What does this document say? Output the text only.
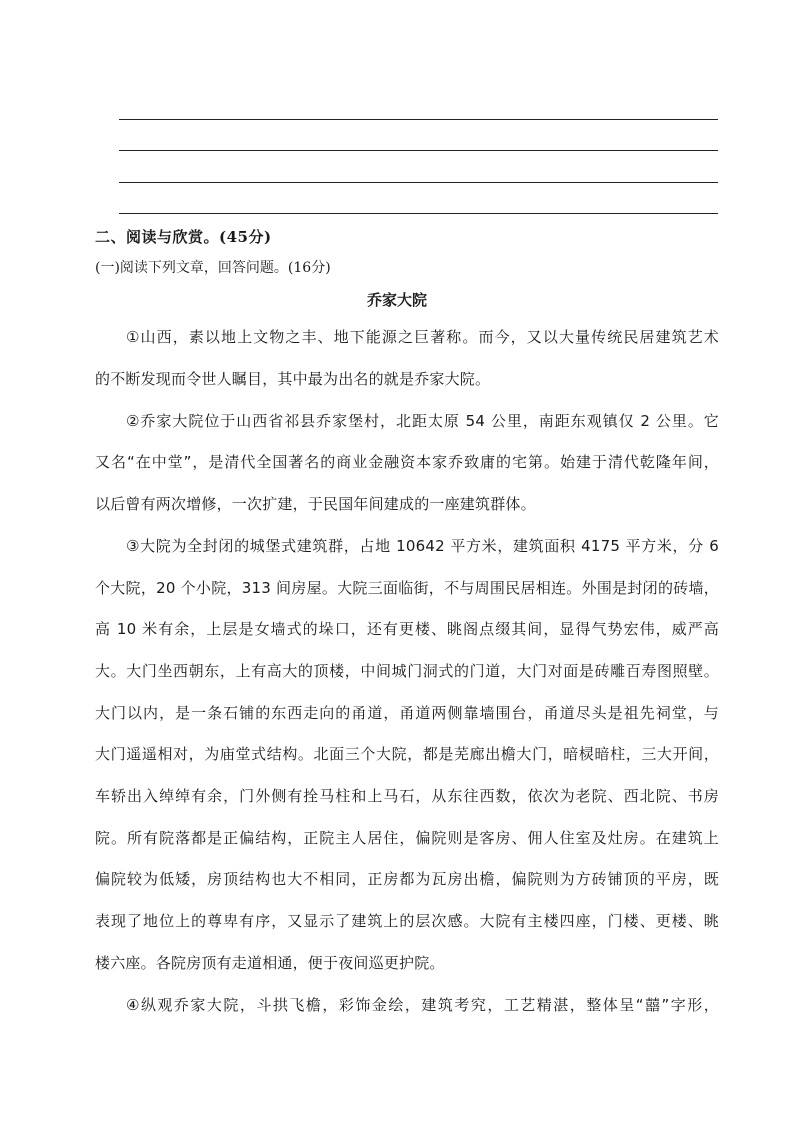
二、阅读与欣赏。(45分)
(一)阅读下列文章，回答问题。(16分)
乔家大院
①山西，素以地上文物之丰、地下能源之巨著称。而今，又以大量传统民居建筑艺术
的不断发现而令世人瞩目，其中最为出名的就是乔家大院。
②乔家大院位于山西省祁县乔家堡村，北距太原 54 公里，南距东观镇仅 2 公里。它
又名“在中堂”，是清代全国著名的商业金融资本家乔致庸的宅第。始建于清代乾隆年间，
以后曾有两次增修，一次扩建，于民国年间建成的一座建筑群体。
③大院为全封闭的城堡式建筑群，占地 10642 平方米，建筑面积 4175 平方米，分 6
个大院，20 个小院，313 间房屋。大院三面临街，不与周围民居相连。外围是封闭的砖墙，
高 10 米有余，上层是女墙式的垛口，还有更楼、眺阁点缀其间，显得气势宏伟，威严高
大。大门坐西朝东，上有高大的顶楼，中间城门洞式的门道，大门对面是砖雕百寿图照壁。
大门以内，是一条石铺的东西走向的甬道，甬道两侧靠墙围台，甬道尽头是祖先祠堂，与
大门遥遥相对，为庙堂式结构。北面三个大院，都是芜廊出檐大门，暗棂暗柱，三大开间，
车轿出入绰绰有余，门外侧有拴马柱和上马石，从东往西数，依次为老院、西北院、书房
院。所有院落都是正偏结构，正院主人居住，偏院则是客房、佣人住室及灶房。在建筑上
偏院较为低矮，房顶结构也大不相同，正房都为瓦房出檐，偏院则为方砖铺顶的平房，既
表现了地位上的尊卑有序，又显示了建筑上的层次感。大院有主楼四座，门楼、更楼、眺
楼六座。各院房顶有走道相通，便于夜间巡更护院。
④纵观乔家大院，斗拱飞檐，彩饰金绘，建筑考究，工艺精湛，整体呈“囍”字形，
